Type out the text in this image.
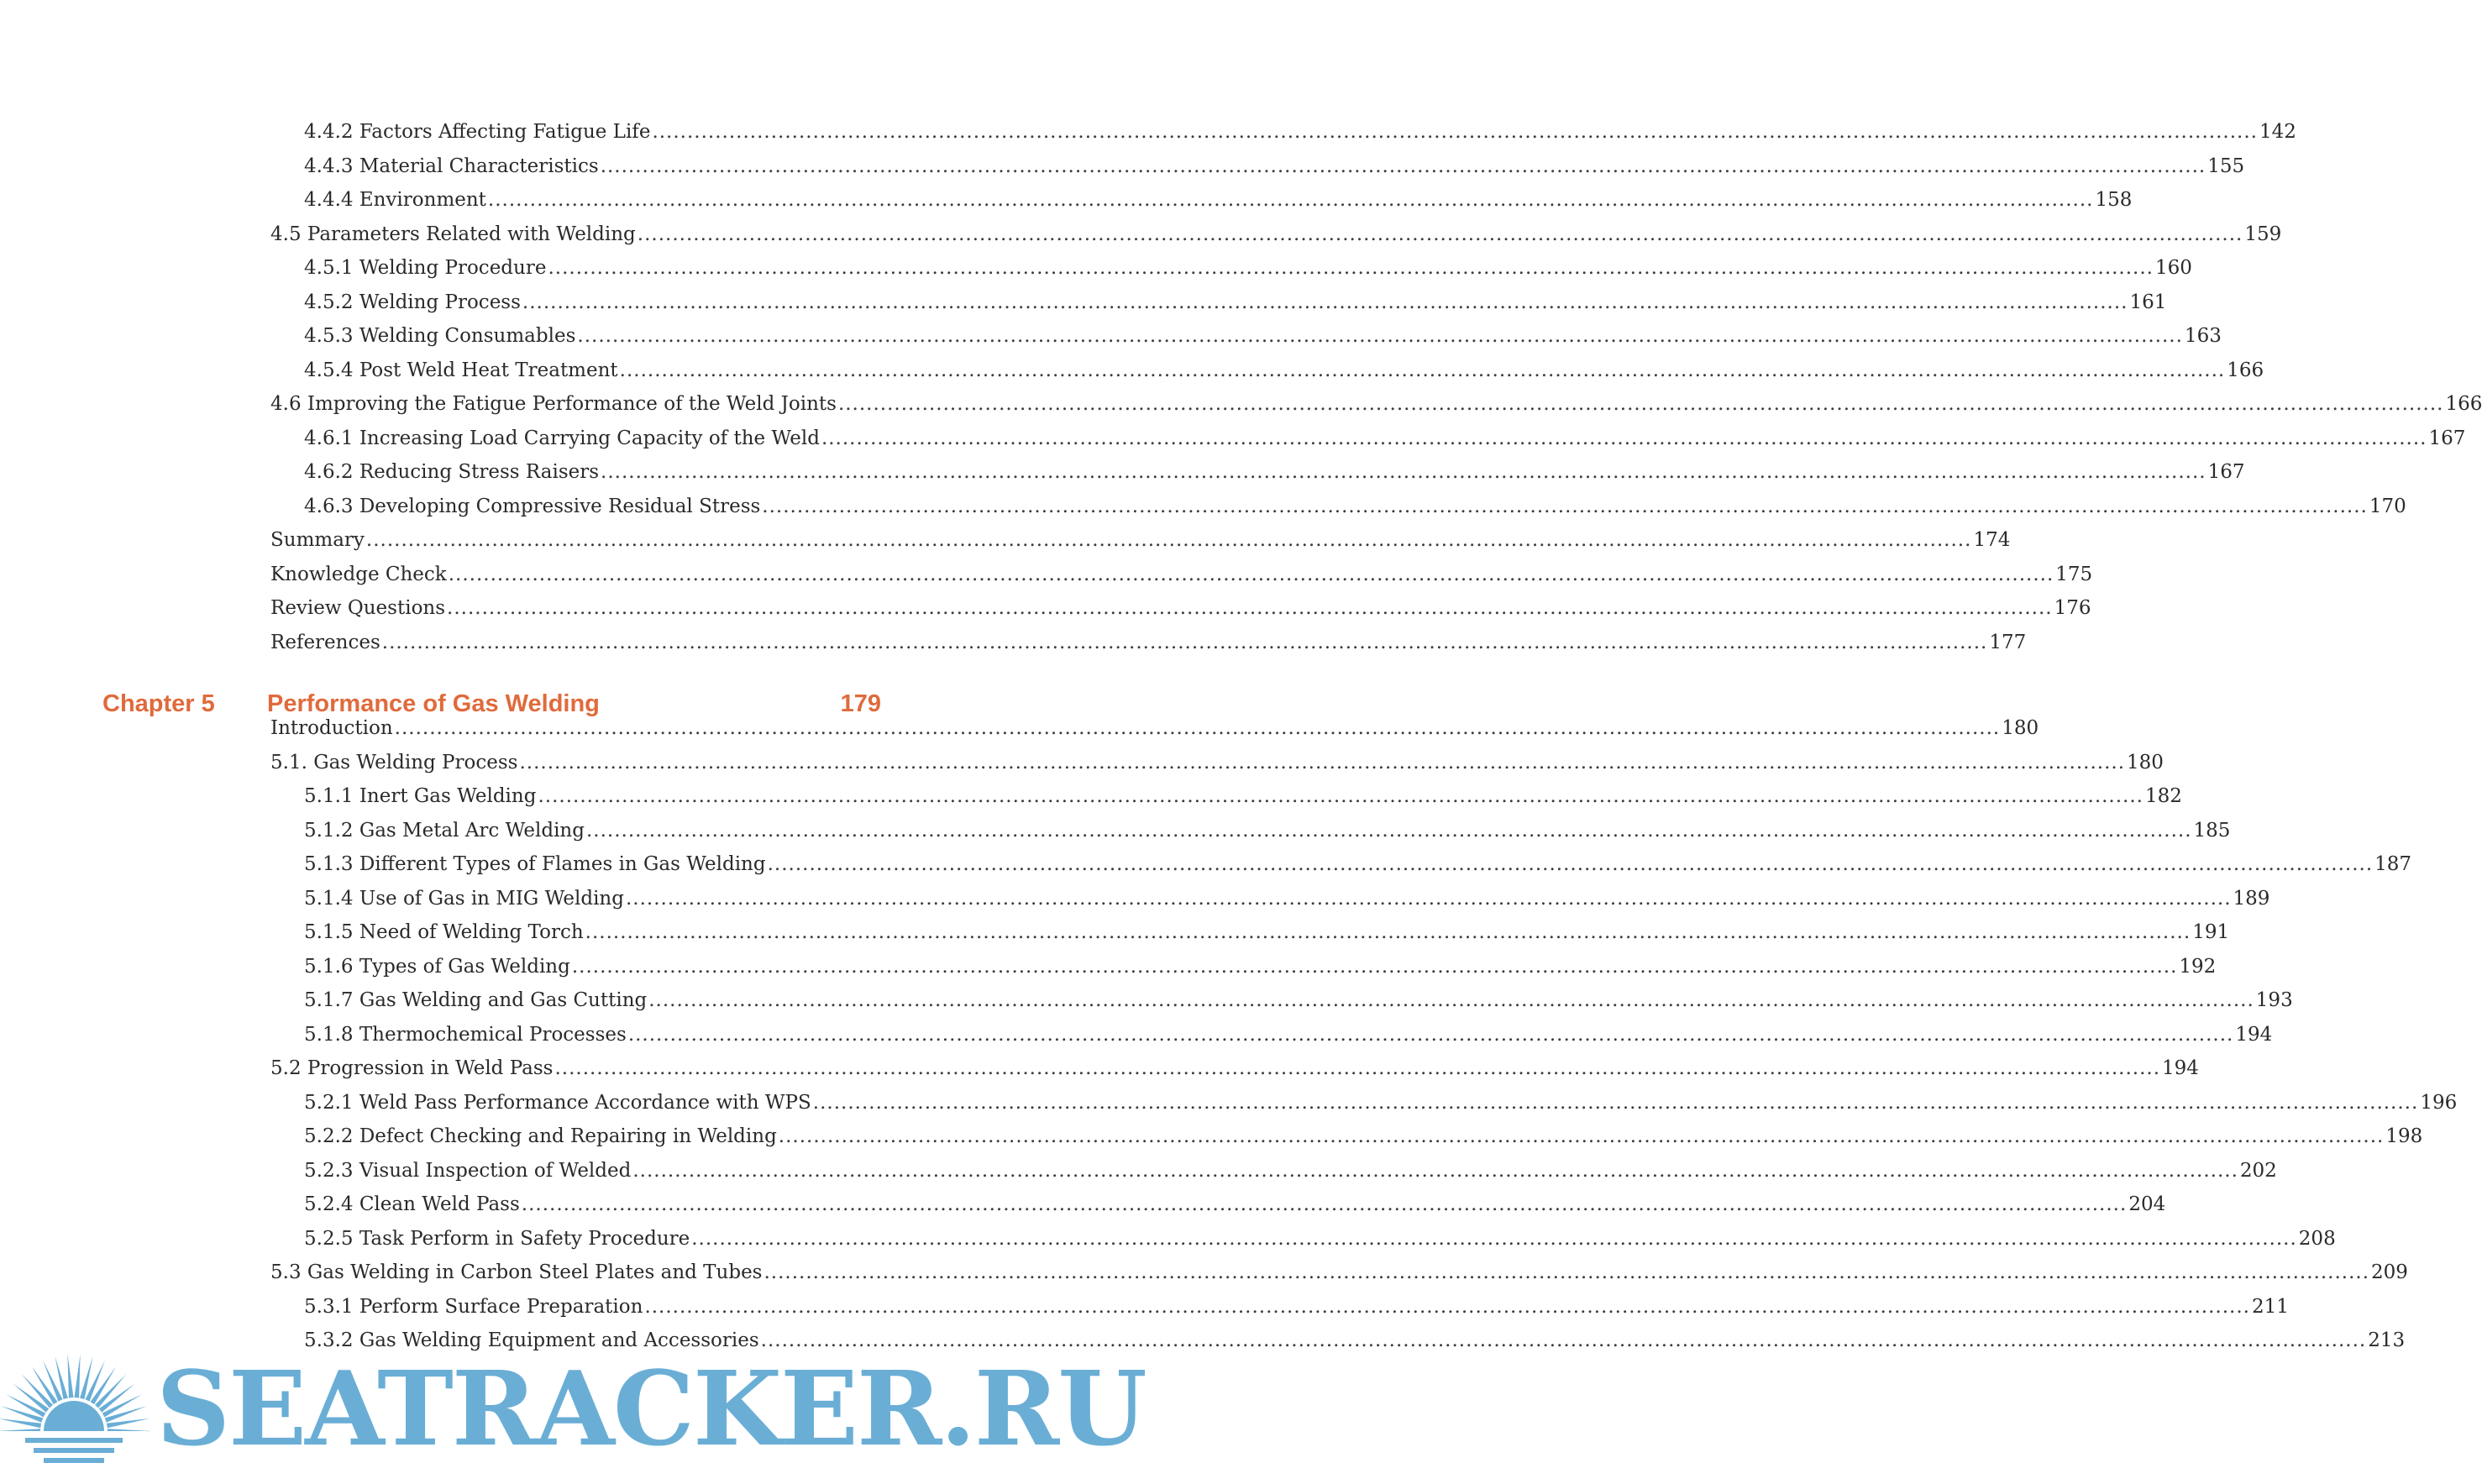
4.4.2 Factors Affecting Fatigue Life .....	142
4.4.3 Material Characteristics .....	155
4.4.4 Environment .....	158
4.5 Parameters Related with Welding .....	159
4.5.1 Welding Procedure .....	160
4.5.2 Welding Process .....	161
4.5.3 Welding Consumables .....	163
4.5.4 Post Weld Heat Treatment .....	166
4.6 Improving the Fatigue Performance of the Weld Joints .....	166
4.6.1 Increasing Load Carrying Capacity of the Weld .....	167
4.6.2 Reducing Stress Raisers .....	167
4.6.3 Developing Compressive Residual Stress .....	170
Summary .....	174
Knowledge Check .....	175
Review Questions .....	176
References .....	177
Chapter 5 Performance of Gas Welding	179
Introduction .....	180
5.1. Gas Welding Process .....	180
5.1.1 Inert Gas Welding .....	182
5.1.2 Gas Metal Arc Welding .....	185
5.1.3 Different Types of Flames in Gas Welding .....	187
5.1.4 Use of Gas in MIG Welding .....	189
5.1.5 Need of Welding Torch .....	191
5.1.6 Types of Gas Welding .....	192
5.1.7 Gas Welding and Gas Cutting .....	193
5.1.8 Thermochemical Processes .....	194
5.2 Progression in Weld Pass .....	194
5.2.1 Weld Pass Performance Accordance with WPS .....	196
5.2.2 Defect Checking and Repairing in Welding .....	198
5.2.3 Visual Inspection of Welded .....	202
5.2.4 Clean Weld Pass .....	204
5.2.5 Task Perform in Safety Procedure .....	208
5.3 Gas Welding in Carbon Steel Plates and Tubes .....	209
5.3.1 Perform Surface Preparation .....	211
5.3.2 Gas Welding Equipment and Accessories .....	213
SEATRACKER.RU
